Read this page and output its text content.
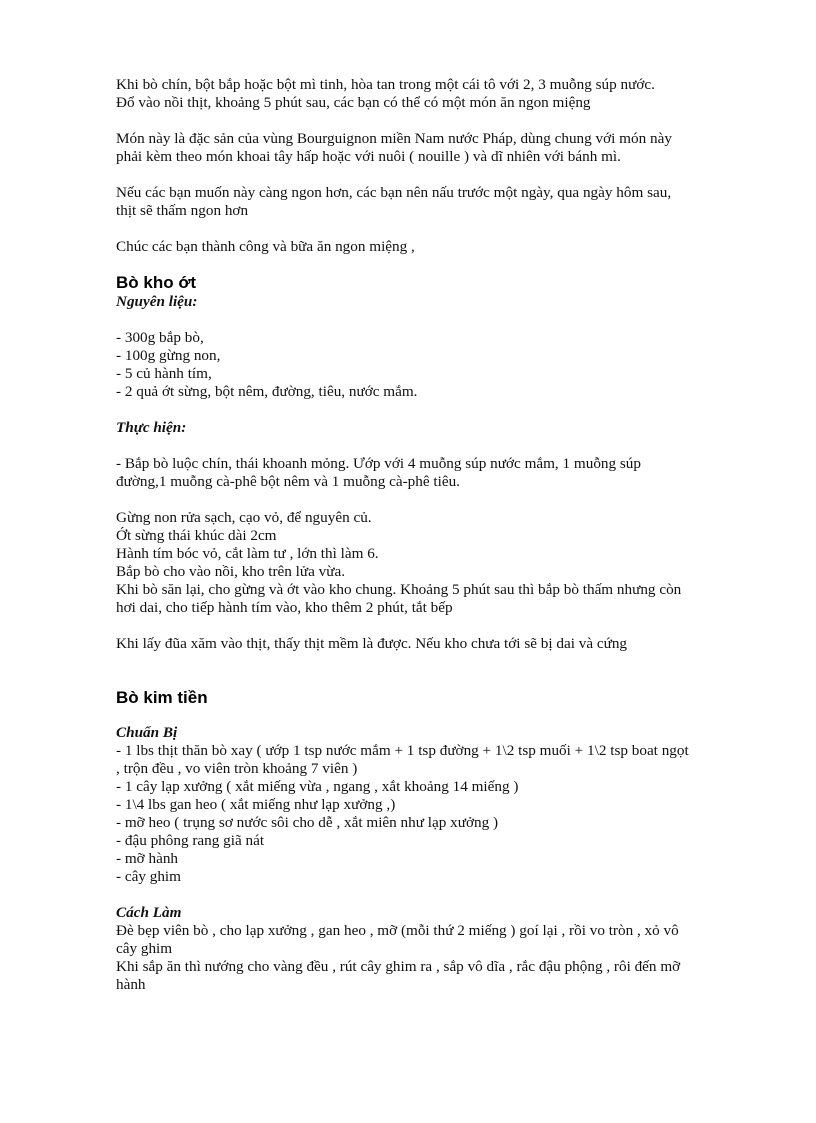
Khi bò chín, bột bắp hoặc bột mì tinh, hòa tan trong một cái tô với 2, 3 muỗng súp nước.
Đổ vào nồi thịt, khoảng 5 phút sau, các bạn có thể có một món ăn ngon miệng
Món này là đặc sản của vùng Bourguignon miền Nam nước Pháp, dùng chung với món này
phải kèm theo món khoai tây hấp hoặc với nuôi ( nouille ) và dĩ nhiên với bánh mì.
Nếu các bạn muốn này càng ngon hơn, các bạn nên nấu trước một ngày, qua ngày hôm sau,
thịt sẽ thấm ngon hơn
Chúc các bạn thành công và bữa ăn ngon miệng ,
Bò kho ớt
Nguyên liệu:
- 300g bắp bò,
- 100g gừng non,
- 5 củ hành tím,
- 2 quả ớt sừng, bột nêm, đường, tiêu, nước mắm.
Thực hiện:
- Bắp bò luộc chín, thái khoanh mỏng. Ướp với 4 muỗng súp nước mắm, 1 muỗng súp
đường,1 muỗng cà-phê bột nêm và 1 muỗng cà-phê tiêu.
Gừng non rửa sạch, cạo vỏ, để nguyên củ.
Ớt sừng thái khúc dài 2cm
Hành tím bóc vỏ, cắt làm tư , lớn thì làm 6.
Bắp bò cho vào nồi, kho trên lửa vừa.
Khi bò săn lại, cho gừng và ớt vào kho chung. Khoảng 5 phút sau thì bắp bò thấm nhưng còn
hơi dai, cho tiếp hành tím vào, kho thêm 2 phút, tắt bếp
Khi lấy đũa xăm vào thịt, thấy thịt mềm là được. Nếu kho chưa tới sẽ bị dai và cứng
Bò kim tiền
Chuẩn Bị
- 1 lbs thịt thăn bò xay ( ướp 1 tsp nước mắm + 1 tsp đường + 1\2 tsp muối + 1\2 tsp boat ngọt
, trộn đều , vo viên tròn khoảng 7 viên )
- 1 cây lạp xưởng ( xắt miếng vừa , ngang , xắt khoảng 14 miếng )
- 1\4 lbs gan heo ( xắt miếng như lạp xưởng ,)
- mỡ heo ( trụng sơ nước sôi cho dễ , xắt miên như lạp xưởng )
- đậu phông rang giã nát
- mỡ hành
- cây ghim
Cách Làm
Đè bẹp viên bò , cho lạp xưởng , gan heo , mỡ (mỗi thứ 2 miếng ) goí lại , rồi vo tròn , xỏ vô
cây ghim
Khi sắp ăn thì nướng cho vàng đều , rút cây ghim ra , sắp vô dĩa , rắc đậu phộng , rôi đến mỡ
hành
